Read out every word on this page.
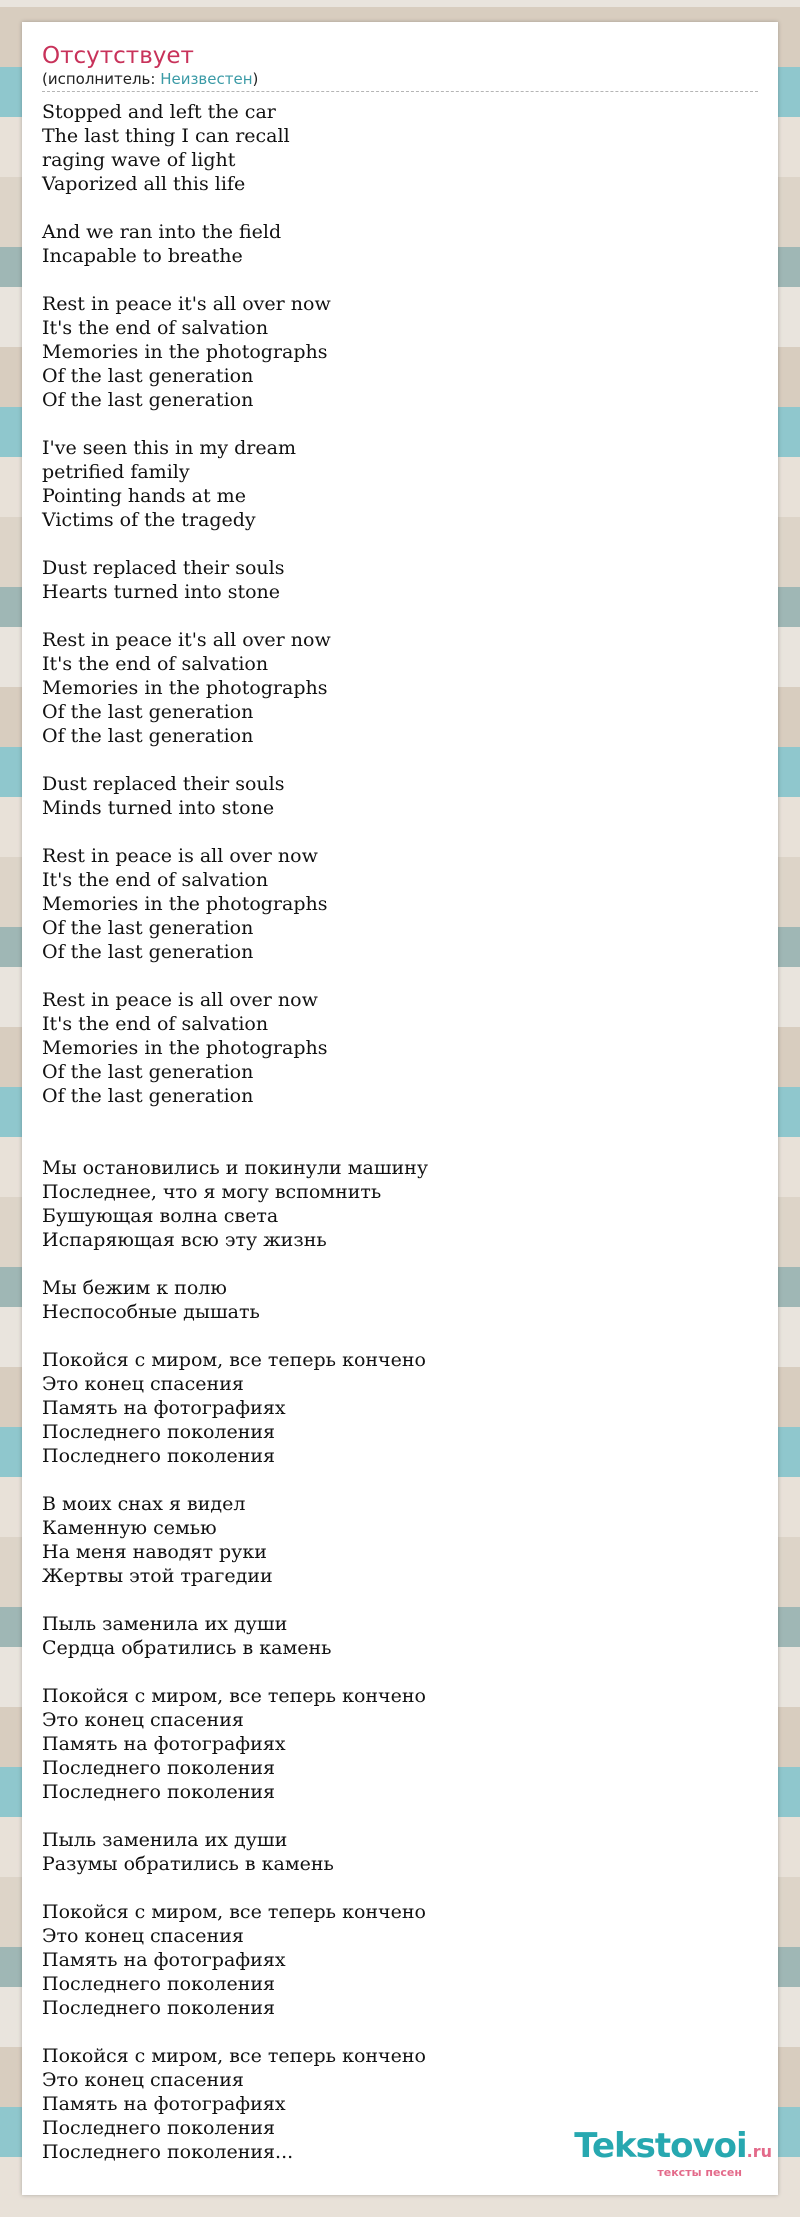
Отсутствует
(исполнитель: Неизвестен)
Stopped and left the car
The last thing I can recall
raging wave of light
Vaporized all this life
And we ran into the field
Incapable to breathe
Rest in peace it's all over now
It's the end of salvation
Memories in the photographs
Of the last generation
Of the last generation
I've seen this in my dream
petrified family
Pointing hands at me
Victims of the tragedy
Dust replaced their souls
Hearts turned into stone
Rest in peace it's all over now
It's the end of salvation
Memories in the photographs
Of the last generation
Of the last generation
Dust replaced their souls
Minds turned into stone
Rest in peace is all over now
It's the end of salvation
Memories in the photographs
Of the last generation
Of the last generation
Rest in peace is all over now
It's the end of salvation
Memories in the photographs
Of the last generation
Of the last generation
Мы остановились и покинули машину
Последнее, что я могу вспомнить
Бушующая волна света
Испаряющая всю эту жизнь
Мы бежим к полю
Неспособные дышать
Покойся с миром, все теперь кончено
Это конец спасения
Память на фотографиях
Последнего поколения
Последнего поколения
В моих снах я видел
Каменную семью
На меня наводят руки
Жертвы этой трагедии
Пыль заменила их души
Сердца обратились в камень
Покойся с миром, все теперь кончено
Это конец спасения
Память на фотографиях
Последнего поколения
Последнего поколения
Пыль заменила их души
Разумы обратились в камень
Покойся с миром, все теперь кончено
Это конец спасения
Память на фотографиях
Последнего поколения
Последнего поколения
Покойся с миром, все теперь кончено
Это конец спасения
Память на фотографиях
Последнего поколения
Последнего поколения...	Tekstovoi.ru
тексты песен
